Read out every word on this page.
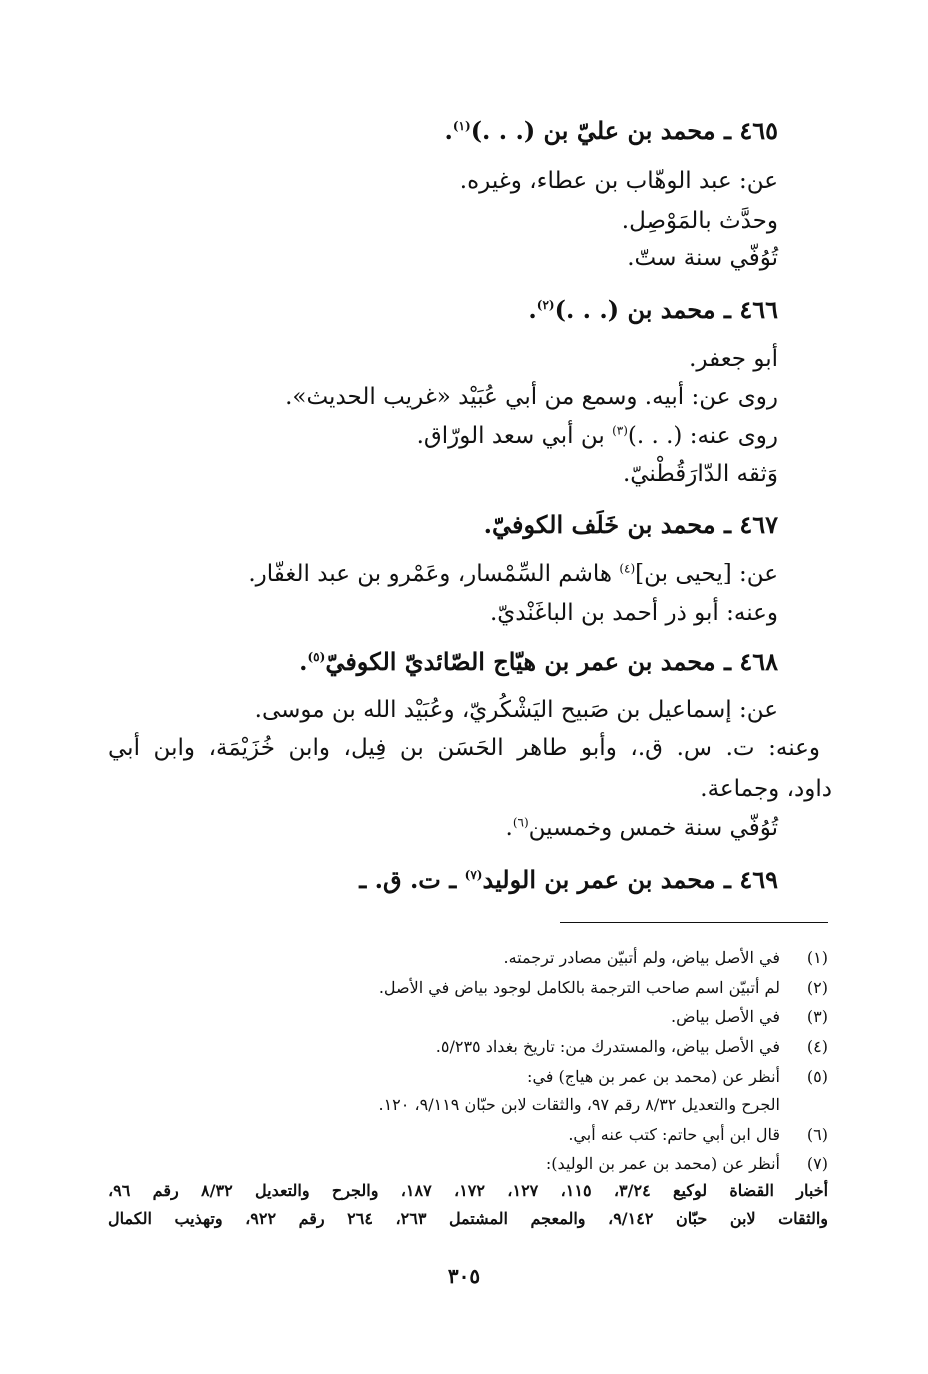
٤٦٥ ـ محمد بن عليّ بن (. . .)$^{(١)}$.
عن: عبد الوهّاب بن عطاء، وغيره.
وحدَّث بالمَوْصِل.
تُوُفّي سنة ستّ.
٤٦٦ ـ محمد بن (. . .)$^{(٢)}$.
أبو جعفر.
روى عن: أبيه. وسمع من أبي عُبَيْد «غريب الحديث».
روى عنه: (. . .)$^{(٣)}$ بن أبي سعد الورّاق.
وَثقه الدّارَقُطْنيّ.
٤٦٧ ـ محمد بن خَلَف الكوفيّ.
عن: [يحيى بن]$^{(٤)}$ هاشم السِّمْسار، وعَمْرو بن عبد الغفّار.
وعنه: أبو ذر أحمد بن الباغَنْديّ.
٤٦٨ ـ محمد بن عمر بن هيّاج الصّائديّ الكوفيّ$^{(٥)}$.
عن: إسماعيل بن صَبيح اليَشْكُريّ، وعُبَيْد الله بن موسى.
وعنه: ت. س. ق.، وأبو طاهر الحَسَن بن فِيل، وابن خُزَيْمَة، وابن أبي
داود، وجماعة.
تُوُفّي سنة خمس وخمسين$^{(٦)}$.
٤٦٩ ـ محمد بن عمر بن الوليد$^{(٧)}$ ـ ت. ق. ـ
(١)في الأصل بياض، ولم أتبيّن مصادر ترجمته.
(٢)لم أتبيّن اسم صاحب الترجمة بالكامل لوجود بياض في الأصل.
(٣)في الأصل بياض.
(٤)في الأصل بياض، والمستدرك من: تاريخ بغداد ٥/٢٣٥.
(٥)أنظر عن (محمد بن عمر بن هياج) في:
الجرح والتعديل ٨/٣٢ رقم ٩٧، والثقات لابن حبّان ٩/١١٩، ١٢٠.
(٦)قال ابن أبي حاتم: كتب عنه أبي.
(٧)أنظر عن (محمد بن عمر بن الوليد):
أخبار القضاة لوكيع ٣/٢٤، ١١٥، ١٢٧، ١٧٢، ١٨٧، والجرح والتعديل ٨/٣٢ رقم ٩٦،
والثقات لابن حبّان ٩/١٤٢، والمعجم المشتمل ٢٦٣، ٢٦٤ رقم ٩٢٢، وتهذيب الكمال
٣٠٥
